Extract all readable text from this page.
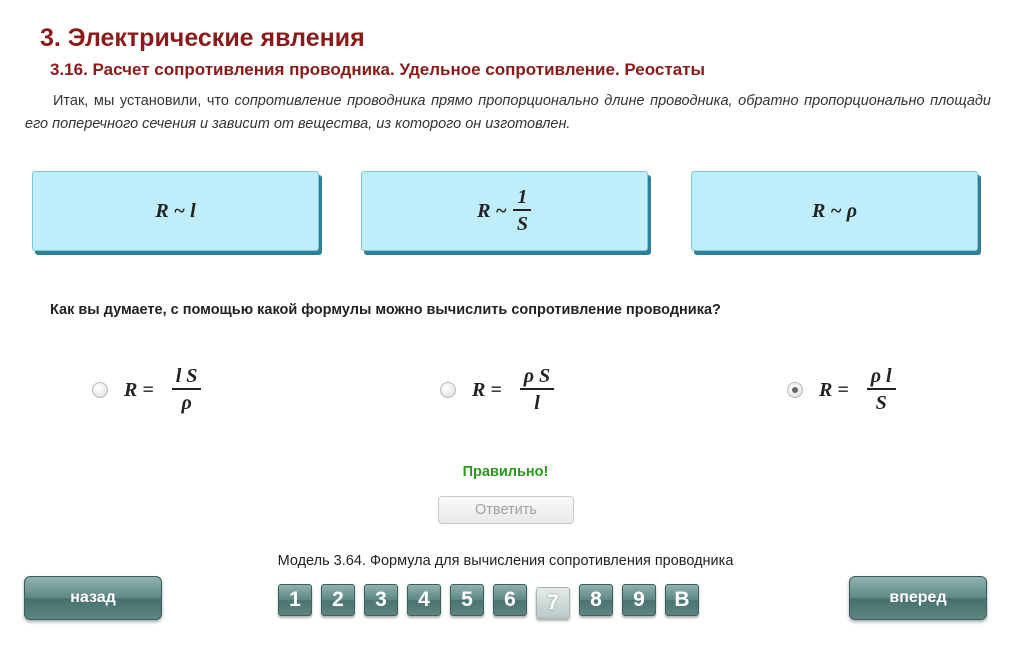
3. Электрические явления
3.16. Расчет сопротивления проводника. Удельное сопротивление. Реостаты
Итак, мы установили, что сопротивление проводника прямо пропорционально длине проводника, обратно пропорционально площади его поперечного сечения и зависит от вещества, из которого он изготовлен.
R ~ l	R ~ $\frac{1}{S}$	R ~ ρ
Как вы думаете, с помощью какой формулы можно вычислить сопротивление проводника?
$R = \frac{\text{l S}}{\rho}$	$R = \frac{\text{ρ S}}{l}$	$R = \frac{\text{ρ l}}{S}$
Правильно!
Ответить
Модель 3.64. Формула для вычисления сопротивления проводника
назад	1	2	3	4	5	6	7	8	9	В	вперед
